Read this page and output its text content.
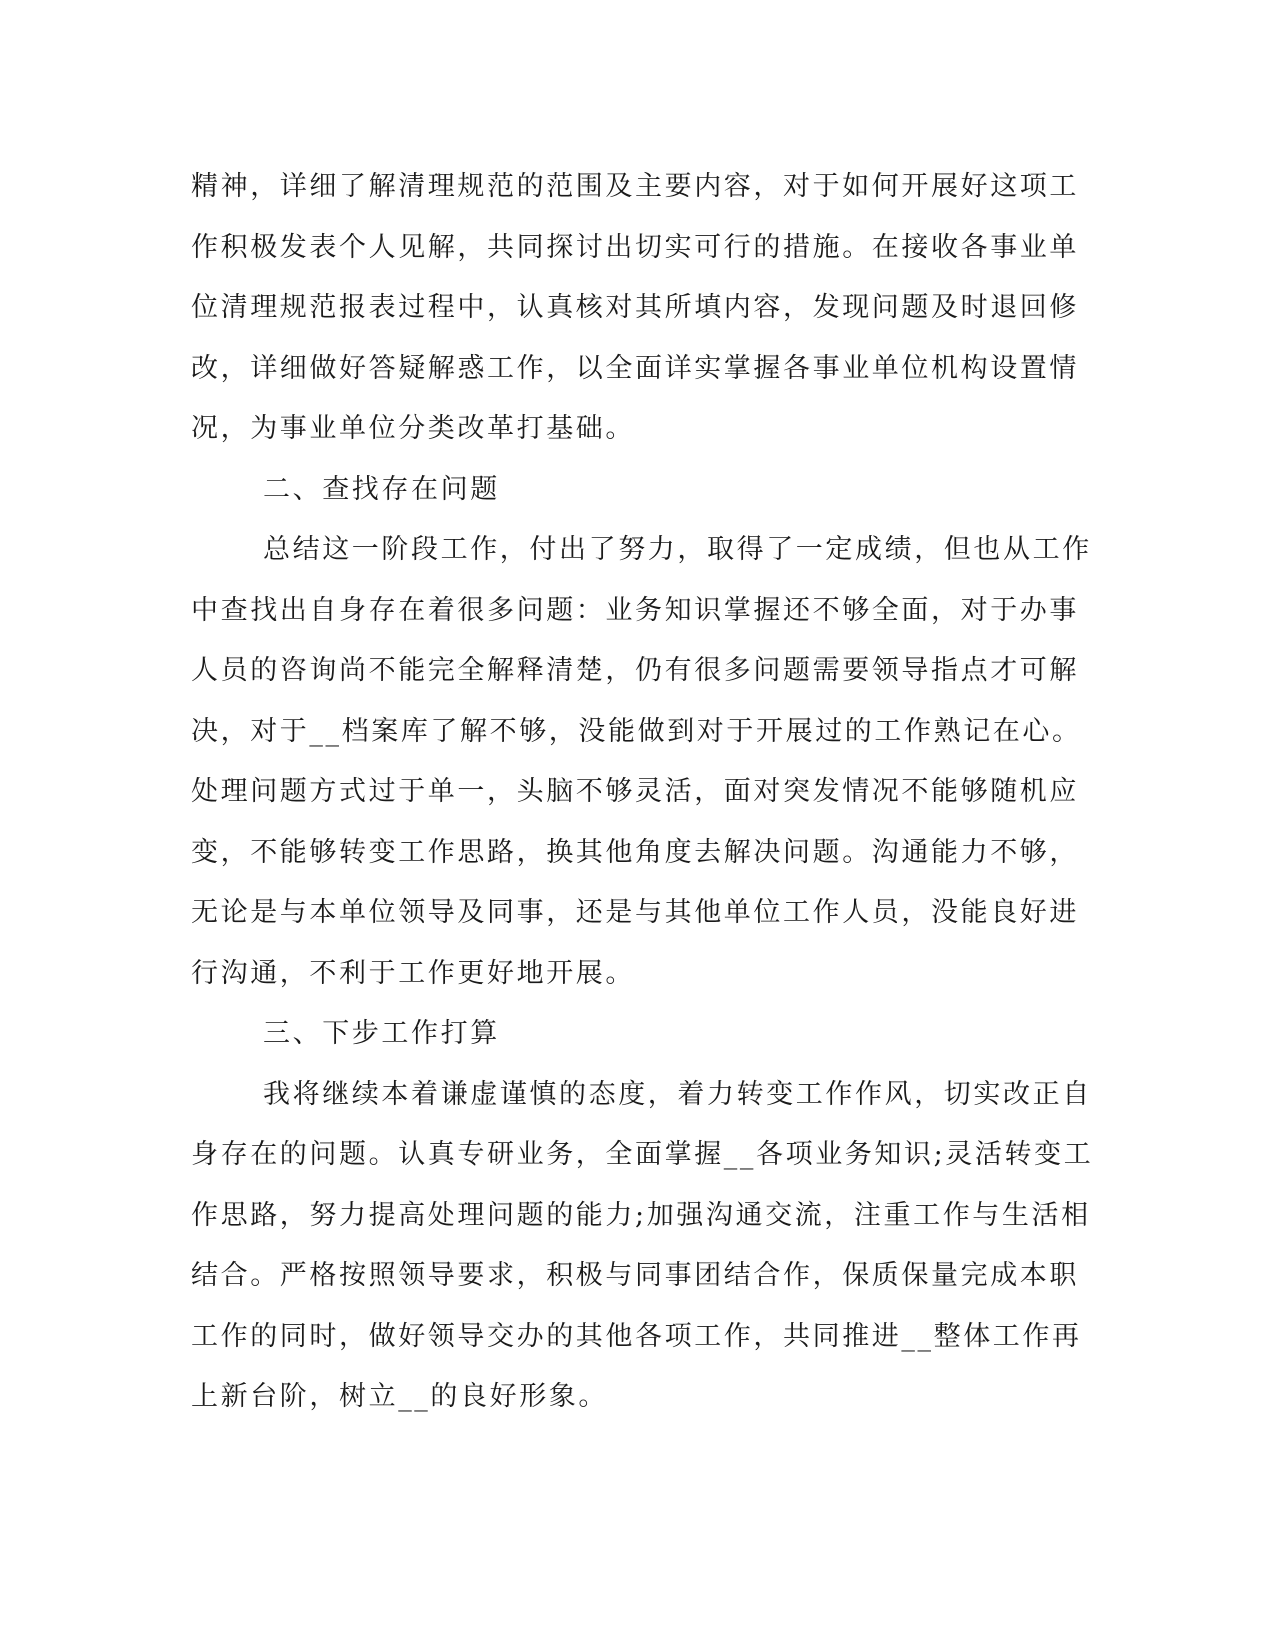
精神，详细了解清理规范的范围及主要内容，对于如何开展好这项工
作积极发表个人见解，共同探讨出切实可行的措施。在接收各事业单
位清理规范报表过程中，认真核对其所填内容，发现问题及时退回修
改，详细做好答疑解惑工作，以全面详实掌握各事业单位机构设置情
况，为事业单位分类改革打基础。
二、查找存在问题
总结这一阶段工作，付出了努力，取得了一定成绩，但也从工作
中查找出自身存在着很多问题：业务知识掌握还不够全面，对于办事
人员的咨询尚不能完全解释清楚，仍有很多问题需要领导指点才可解
决，对于__档案库了解不够，没能做到对于开展过的工作熟记在心。
处理问题方式过于单一，头脑不够灵活，面对突发情况不能够随机应
变，不能够转变工作思路，换其他角度去解决问题。沟通能力不够，
无论是与本单位领导及同事，还是与其他单位工作人员，没能良好进
行沟通，不利于工作更好地开展。
三、下步工作打算
我将继续本着谦虚谨慎的态度，着力转变工作作风，切实改正自
身存在的问题。认真专研业务，全面掌握__各项业务知识;灵活转变工
作思路，努力提高处理问题的能力;加强沟通交流，注重工作与生活相
结合。严格按照领导要求，积极与同事团结合作，保质保量完成本职
工作的同时，做好领导交办的其他各项工作，共同推进__整体工作再
上新台阶，树立__的良好形象。
